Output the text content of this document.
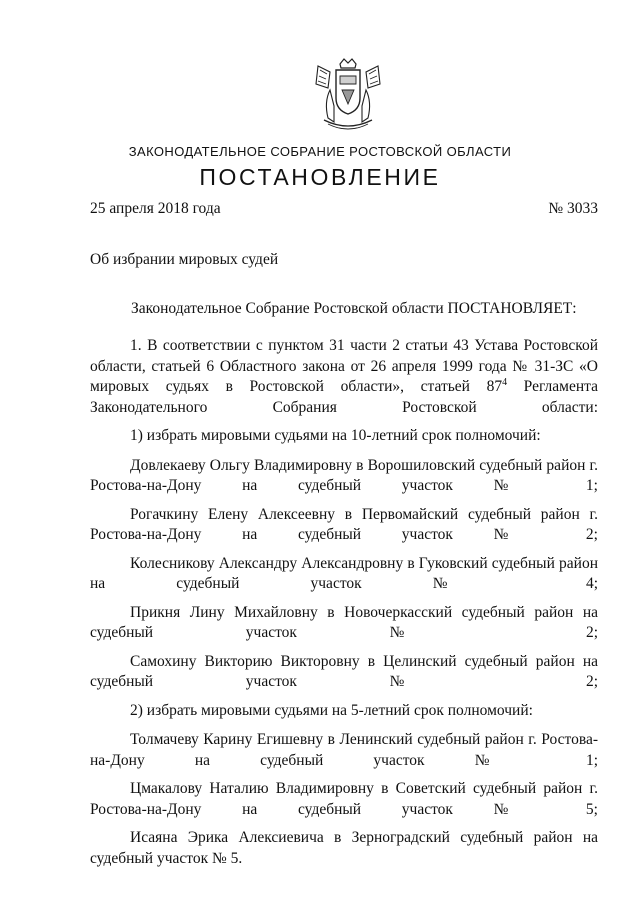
ЗАКОНОДАТЕЛЬНОЕ СОБРАНИЕ РОСТОВСКОЙ ОБЛАСТИ
ПОСТАНОВЛЕНИЕ
25 апреля 2018 года	№ 3033
Об избрании мировых судей
Законодательное Собрание Ростовской области ПОСТАНОВЛЯЕТ:

1. В соответствии с пунктом 31 части 2 статьи 43 Устава Ростовской области, статьей 6 Областного закона от 26 апреля 1999 года № 31-ЗС «О мировых судьях в Ростовской области», статьей $87^4$ Регламента Законодательного Собрания Ростовской области:

1) избрать мировыми судьями на 10-летний срок полномочий:

Довлекаеву Ольгу Владимировну в Ворошиловский судебный район г. Ростова-на-Дону на судебный участок № 1;

Рогачкину Елену Алексеевну в Первомайский судебный район г. Ростова-на-Дону на судебный участок № 2;

Колесникову Александру Александровну в Гуковский судебный район на судебный участок № 4;

Прикня Лину Михайловну в Новочеркасский судебный район на судебный участок № 2;

Самохину Викторию Викторовну в Целинский судебный район на судебный участок № 2;

2) избрать мировыми судьями на 5-летний срок полномочий:

Толмачеву Карину Егишевну в Ленинский судебный район г. Ростова-на-Дону на судебный участок № 1;

Цмакалову Наталию Владимировну в Советский судебный район г. Ростова-на-Дону на судебный участок № 5;

Исаяна Эрика Алексиевича в Зерноградский судебный район на судебный участок № 5.
